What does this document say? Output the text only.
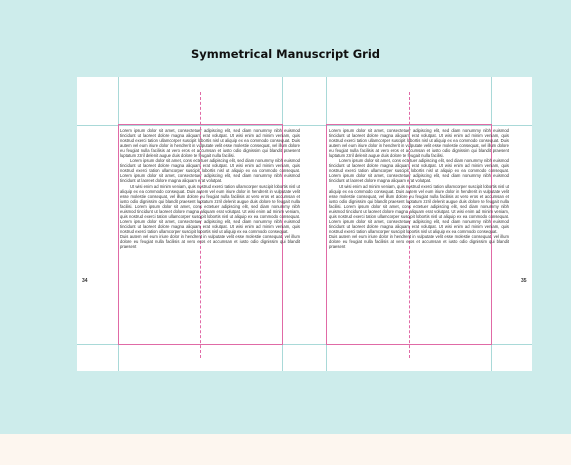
Symmetrical Manuscript Grid

Lorem ipsum dolor sit amet, consectetuer adipiscing elit, sed diam nonummy nibh euismod tincidunt ut laoreet dolore magna aliquam erat volutpat. Ut wisi enim ad minim veniam, quis nostrud exerci tation ullamcorper suscipit lobortis nisl ut aliquip ex ea commodo consequat. Duis autem vel eum iriure dolor in hendrerit in vulputate velit esse molestie consequat, vel illum dolore eu feugiat nulla facilisis at vero eros et accumsan et iusto odio dignissim qui blandit praesent luptatum zzril delenit augue duis dolore te feugait nulla facilisi.

Lorem ipsum dolor sit amet, cons ectetuer adipiscing elit, sed diam nonummy nibh euismod tincidunt ut laoreet dolore magna aliquam erat volutpat. Ut wisi enim ad minim veniam, quis nostrud exerci tation ullamcorper suscipit lobortis nisl ut aliquip ex ea commodo consequat. Lorem ipsum dolor sit amet, consectetuer adipiscing elit, sed diam nonummy nibh euismod tincidunt ut laoreet dolore magna aliquam erat volutpat.

Ut wisi enim ad minim veniam, quis nostrud exerci tation ullamcorper suscipit lobortis nisl ut aliquip ex ea commodo consequat. Duis autem vel eum iriure dolor in hendrerit in vulputate velit esse molestie consequat, vel illum dolore eu feugiat nulla facilisis at vero eros et accumsan et iusto odio dignissim qui blandit praesent luptatum zzril delenit augue duis dolore te feugait nulla facilisi. Lorem ipsum dolor sit amet, cons ectetuer adipiscing elit, sed diam nonummy nibh euismod tincidunt ut laoreet dolore magna aliquam erat volutpat. Ut wisi enim ad minim veniam, quis nostrud exerci tation ullamcorper suscipit lobortis nisl ut aliquip ex ea commodo consequat. Lorem ipsum dolor sit amet, consectetuer adipiscing elit, sed diam nonummy nibh euismod tincidunt ut laoreet dolore magna aliquam erat volutpat. Ut wisi enim ad minim veniam, quis nostrud exerci tation ullamcorper suscipit lobortis nisl ut aliquip ex ea commodo consequat.

Duis autem vel eum iriure dolor in hendrerit in vulputate velit esse molestie consequat, vel illum dolore eu feugiat nulla facilisis at vero eros et accumsan et iusto odio dignissim qui blandit praesent

Lorem ipsum dolor sit amet, consectetuer adipiscing elit, sed diam nonummy nibh euismod tincidunt ut laoreet dolore magna aliquam erat volutpat. Ut wisi enim ad minim veniam, quis nostrud exerci tation ullamcorper suscipit lobortis nisl ut aliquip ex ea commodo consequat. Duis autem vel eum iriure dolor in hendrerit in vulputate velit esse molestie consequat, vel illum dolore eu feugiat nulla facilisis at vero eros et accumsan et iusto odio dignissim qui blandit praesent luptatum zzril delenit augue duis dolore te feugait nulla facilisi.

Lorem ipsum dolor sit amet, cons ectetuer adipiscing elit, sed diam nonummy nibh euismod tincidunt ut laoreet dolore magna aliquam erat volutpat. Ut wisi enim ad minim veniam, quis nostrud exerci tation ullamcorper suscipit lobortis nisl ut aliquip ex ea commodo consequat. Lorem ipsum dolor sit amet, consectetuer adipiscing elit, sed diam nonummy nibh euismod tincidunt ut laoreet dolore magna aliquam erat volutpat.

Ut wisi enim ad minim veniam, quis nostrud exerci tation ullamcorper suscipit lobortis nisl ut aliquip ex ea commodo consequat. Duis autem vel eum iriure dolor in hendrerit in vulputate velit esse molestie consequat, vel illum dolore eu feugiat nulla facilisis at vero eros et accumsan et iusto odio dignissim qui blandit praesent luptatum zzril delenit augue duis dolore te feugait nulla facilisi. Lorem ipsum dolor sit amet, cons ectetuer adipiscing elit, sed diam nonummy nibh euismod tincidunt ut laoreet dolore magna aliquam erat volutpat. Ut wisi enim ad minim veniam, quis nostrud exerci tation ullamcorper suscipit lobortis nisl ut aliquip ex ea commodo consequat. Lorem ipsum dolor sit amet, consectetuer adipiscing elit, sed diam nonummy nibh euismod tincidunt ut laoreet dolore magna aliquam erat volutpat. Ut wisi enim ad minim veniam, quis nostrud exerci tation ullamcorper suscipit lobortis nisl ut aliquip ex ea commodo consequat.

Duis autem vel eum iriure dolor in hendrerit in vulputate velit esse molestie consequat, vel illum dolore eu feugiat nulla facilisis at vero eros et accumsan et iusto odio dignissim qui blandit praesent

34	35
